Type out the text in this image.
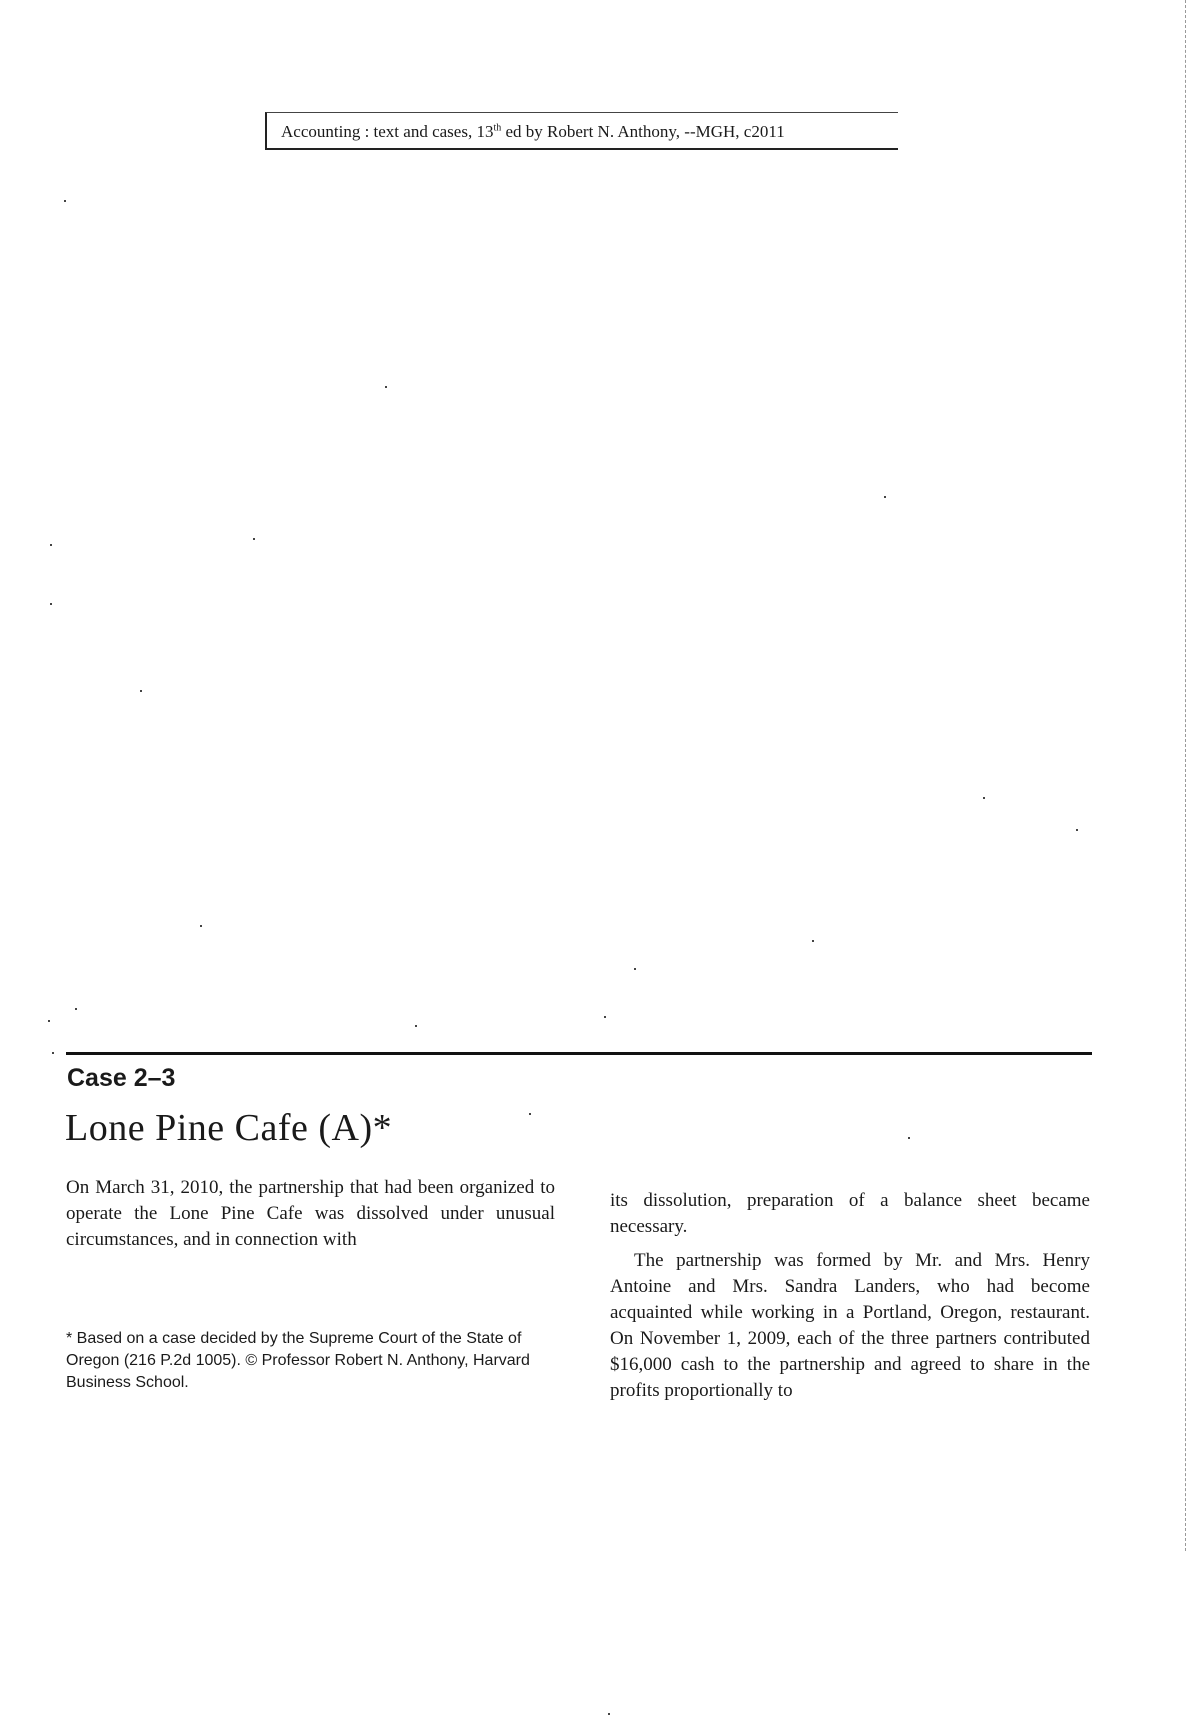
Accounting : text and cases, 13th ed by Robert N. Anthony, --MGH, c2011
Case 2–3
Lone Pine Cafe (A)*

On March 31, 2010, the partnership that had been organized to operate the Lone Pine Cafe was dissolved under unusual circumstances, and in connection with

* Based on a case decided by the Supreme Court of the State of Oregon (216 P.2d 1005). © Professor Robert N. Anthony, Harvard Business School.

its dissolution, preparation of a balance sheet became necessary.

The partnership was formed by Mr. and Mrs. Henry Antoine and Mrs. Sandra Landers, who had become acquainted while working in a Portland, Oregon, restaurant. On November 1, 2009, each of the three partners contributed $16,000 cash to the partnership and agreed to share in the profits proportionally to
